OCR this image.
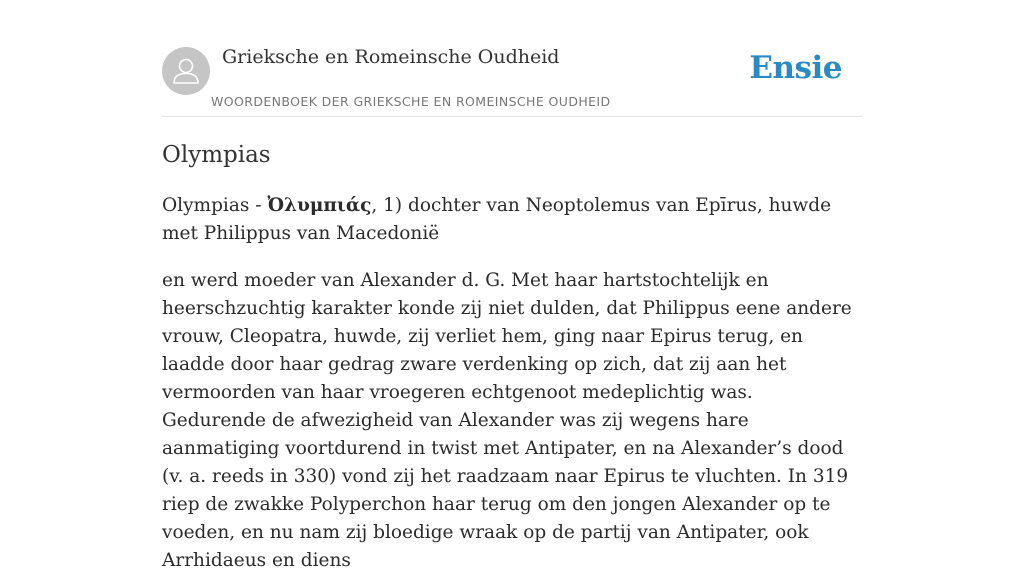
Grieksche en Romeinsche Oudheid
WOORDENBOEK DER GRIEKSCHE EN ROMEINSCHE OUDHEID
Ensie
Olympias

Olympias - Ὀλυμπιάς, 1) dochter van Neoptolemus van Epīrus, huwde met Philippus van Macedonië

en werd moeder van Alexander d. G. Met haar hartstochtelijk en heerschzuchtig karakter konde zij niet dulden, dat Philippus eene andere vrouw, Cleopatra, huwde, zij verliet hem, ging naar Epirus terug, en laadde door haar gedrag zware verdenking op zich, dat zij aan het vermoorden van haar vroegeren echtgenoot medeplichtig was. Gedurende de afwezigheid van Alexander was zij wegens hare aanmatiging voortdurend in twist met Antipater, en na Alexander’s dood (v. a. reeds in 330) vond zij het raadzaam naar Epirus te vluchten. In 319 riep de zwakke Polyperchon haar terug om den jongen Alexander op te voeden, en nu nam zij bloedige wraak op de partij van Antipater, ook Arrhidaeus en diens
